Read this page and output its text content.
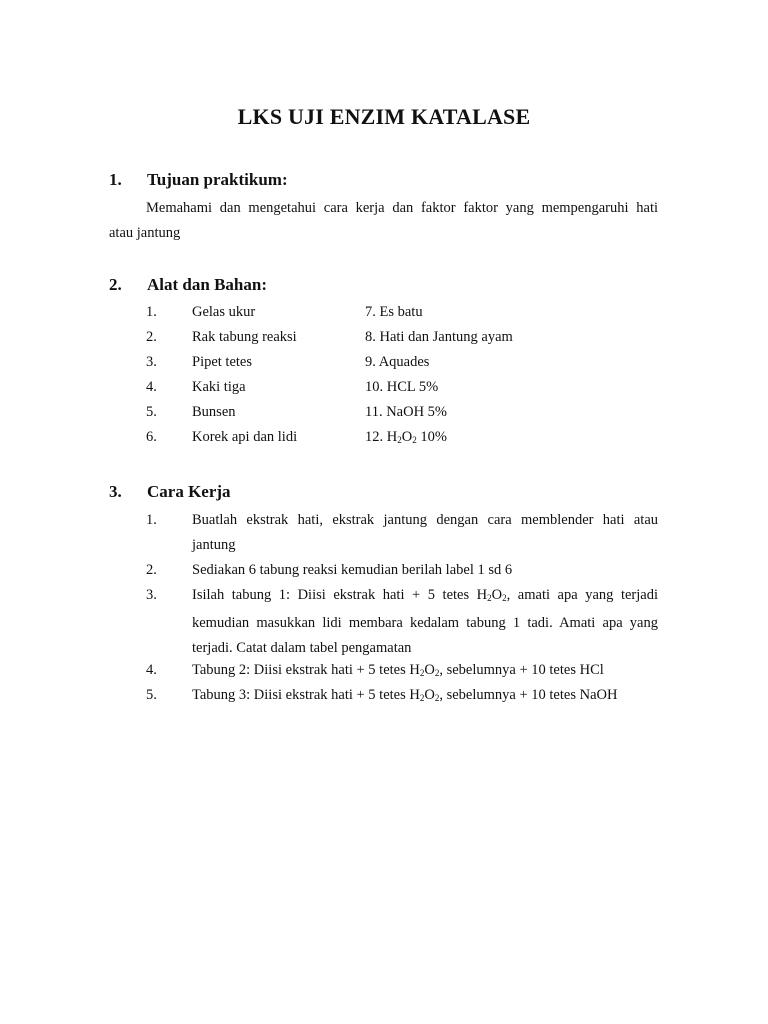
LKS UJI ENZIM KATALASE
1. Tujuan praktikum:
Memahami dan mengetahui cara kerja dan faktor faktor yang mempengaruhi hati
atau jantung
2. Alat dan Bahan:
1. Gelas ukur	7. Es batu
2. Rak tabung reaksi	8. Hati dan Jantung ayam
3. Pipet tetes	9. Aquades
4. Kaki tiga	10. HCL 5%
5. Bunsen	11. NaOH 5%
6. Korek api dan lidi	12. $H_2O_2$ 10%
3. Cara Kerja
1. Buatlah ekstrak hati, ekstrak jantung dengan cara memblender hati atau
jantung
2. Sediakan 6 tabung reaksi kemudian berilah label 1 sd 6
3. Isilah tabung 1: Diisi ekstrak hati + 5 tetes $H_2O_2$, amati apa yang terjadi
kemudian masukkan lidi membara kedalam tabung 1 tadi. Amati apa yang
terjadi. Catat dalam tabel pengamatan
4. Tabung 2: Diisi ekstrak hati + 5 tetes $H_2O_2$, sebelumnya + 10 tetes HCl
5. Tabung 3: Diisi ekstrak hati + 5 tetes $H_2O_2$, sebelumnya + 10 tetes NaOH
